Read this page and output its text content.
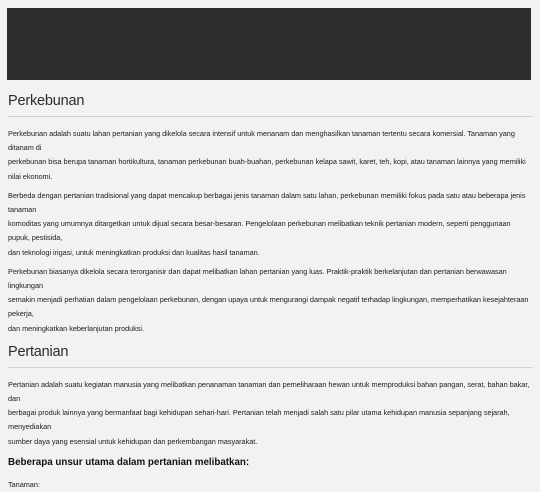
Perkebunan

Perkebunan adalah suatu lahan pertanian yang dikelola secara intensif untuk menanam dan menghasilkan tanaman tertentu secara komersial. Tanaman yang ditanam di
perkebunan bisa berupa tanaman hortikultura, tanaman perkebunan buah-buahan, perkebunan kelapa sawit, karet, teh, kopi, atau tanaman lainnya yang memiliki nilai ekonomi.

Berbeda dengan pertanian tradisional yang dapat mencakup berbagai jenis tanaman dalam satu lahan, perkebunan memiliki fokus pada satu atau beberapa jenis tanaman
komoditas yang umumnya ditargetkan untuk dijual secara besar-besaran. Pengelolaan perkebunan melibatkan teknik pertanian modern, seperti penggunaan pupuk, pestisida,
dan teknologi irigasi, untuk meningkatkan produksi dan kualitas hasil tanaman.

Perkebunan biasanya dikelola secara terorganisir dan dapat melibatkan lahan pertanian yang luas. Praktik-praktik berkelanjutan dan pertanian berwawasan lingkungan
semakin menjadi perhatian dalam pengelolaan perkebunan, dengan upaya untuk mengurangi dampak negatif terhadap lingkungan, memperhatikan kesejahteraan pekerja,
dan meningkatkan keberlanjutan produksi.

Pertanian

Pertanian adalah suatu kegiatan manusia yang melibatkan penanaman tanaman dan pemeliharaan hewan untuk memproduksi bahan pangan, serat, bahan bakar, dan
berbagai produk lainnya yang bermanfaat bagi kehidupan sehari-hari. Pertanian telah menjadi salah satu pilar utama kehidupan manusia sepanjang sejarah, menyediakan
sumber daya yang esensial untuk kehidupan dan perkembangan masyarakat.

Beberapa unsur utama dalam pertanian melibatkan:

Tanaman:
